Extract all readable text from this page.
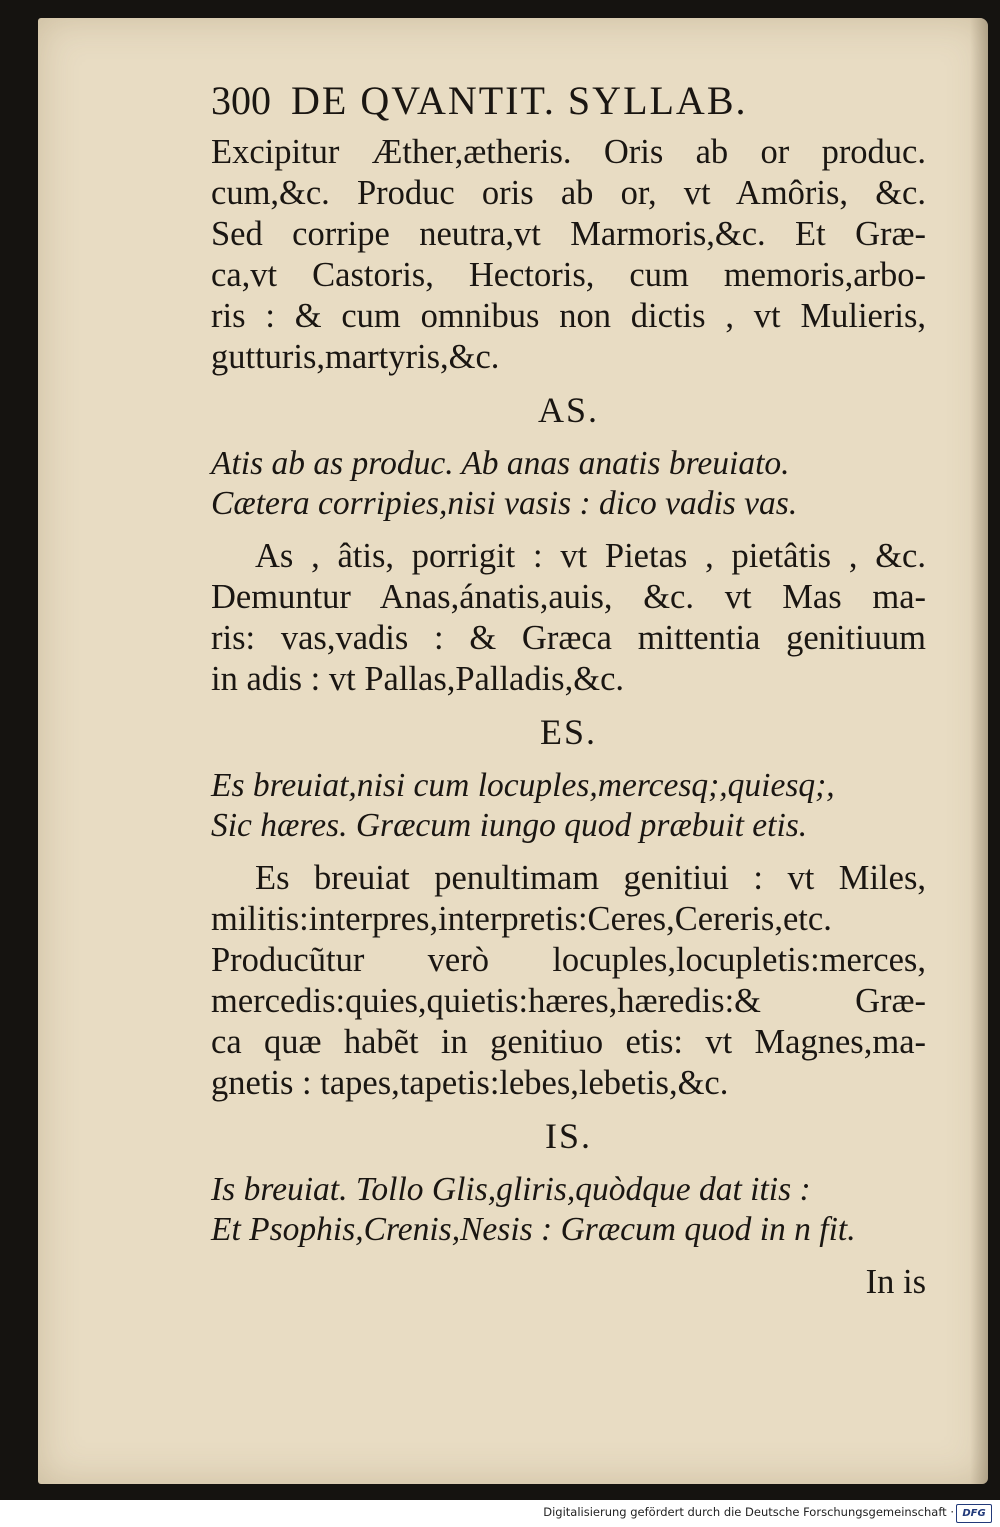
300 DE QVANTIT. SYLLAB.
Excipitur Æther,ætheris. Oris ab or produc.
cum,&c. Produc oris ab or, vt Amôris, &c.
Sed corripe neutra,vt Marmoris,&c. Et Græ-
ca,vt Castoris, Hectoris, cum memoris,arbo-
ris : & cum omnibus non dictis , vt Mulieris,
gutturis,martyris,&c.
AS.
Atis ab as produc. Ab anas anatis breuiato.
Cætera corripies,nisi vasis : dico vadis vas.
As , âtis, porrigit : vt Pietas , pietâtis , &c.
Demuntur Anas,ánatis,auis, &c. vt Mas ma-
ris: vas,vadis : & Græca mittentia genitiuum
in adis : vt Pallas,Palladis,&c.
ES.
Es breuiat,nisi cum locuples,mercesq;,quiesq;,
Sic hæres. Græcum iungo quod præbuit etis.
Es breuiat penultimam genitiui : vt Miles,
militis:interpres,interpretis:Ceres,Cereris,etc.
Producũtur verò locuples,locupletis:merces,
mercedis:quies,quietis:hæres,hæredis:& Græ-
ca quæ habẽt in genitiuo etis: vt Magnes,ma-
gnetis : tapes,tapetis:lebes,lebetis,&c.
IS.
Is breuiat. Tollo Glis,gliris,quòdque dat itis :
Et Psophis,Crenis,Nesis : Græcum quod in n fit.
In is
Digitalisierung gefördert durch die Deutsche Forschungsgemeinschaft · DFG
